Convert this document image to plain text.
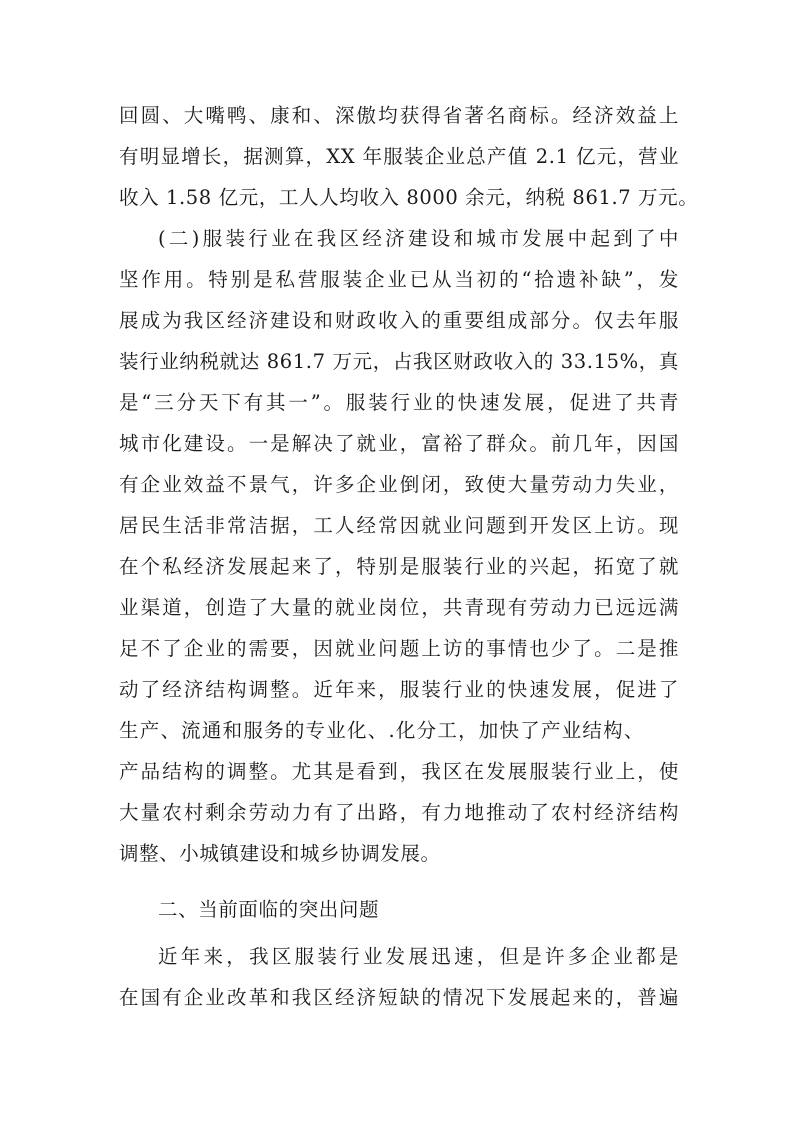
回圆、大嘴鸭、康和、深傲均获得省著名商标。经济效益上
有明显增长，据测算，XX 年服装企业总产值 2.1 亿元，营业
收入 1.58 亿元，工人人均收入 8000 余元，纳税 861.7 万元。
(二)服装行业在我区经济建设和城市发展中起到了中
坚作用。特别是私营服装企业已从当初的“拾遗补缺”，发
展成为我区经济建设和财政收入的重要组成部分。仅去年服
装行业纳税就达 861.7 万元，占我区财政收入的 33.15%，真
是“三分天下有其一”。服装行业的快速发展，促进了共青
城市化建设。一是解决了就业，富裕了群众。前几年，因国
有企业效益不景气，许多企业倒闭，致使大量劳动力失业，
居民生活非常洁据，工人经常因就业问题到开发区上访。现
在个私经济发展起来了，特别是服装行业的兴起，拓宽了就
业渠道，创造了大量的就业岗位，共青现有劳动力已远远满
足不了企业的需要，因就业问题上访的事情也少了。二是推
动了经济结构调整。近年来，服装行业的快速发展，促进了
生产、流通和服务的专业化、.化分工，加快了产业结构、
产品结构的调整。尤其是看到，我区在发展服装行业上，使
大量农村剩余劳动力有了出路，有力地推动了农村经济结构
调整、小城镇建设和城乡协调发展。
二、当前面临的突出问题
近年来，我区服装行业发展迅速，但是许多企业都是
在国有企业改革和我区经济短缺的情况下发展起来的，普遍
